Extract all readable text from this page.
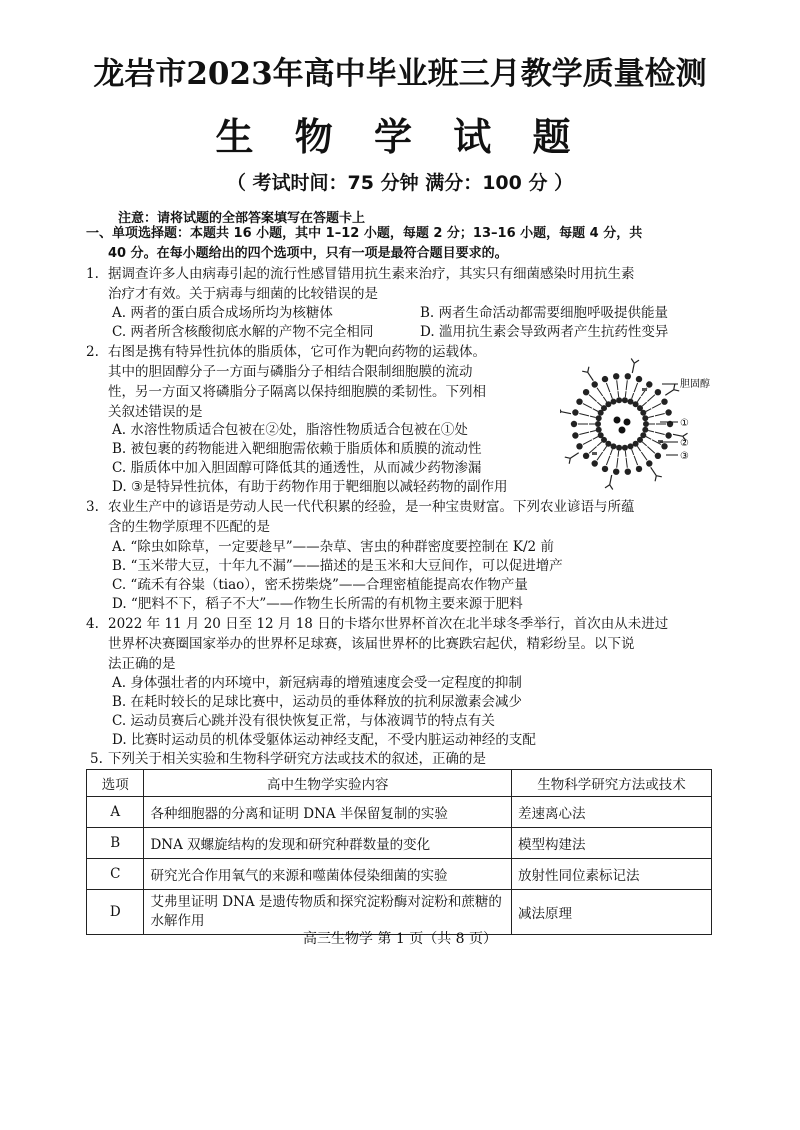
龙岩市2023年高中毕业班三月教学质量检测
生 物 学 试 题
（ 考试时间：75 分钟 满分：100 分 ）
注意：请将试题的全部答案填写在答题卡上
一、单项选择题：本题共 16 小题，其中 1–12 小题，每题 2 分；13–16 小题，每题 4 分，共
40 分。在每小题给出的四个选项中，只有一项是最符合题目要求的。
1. 据调查许多人由病毒引起的流行性感冒错用抗生素来治疗，其实只有细菌感染时用抗生素
治疗才有效。关于病毒与细菌的比较错误的是
A. 两者的蛋白质合成场所均为核糖体	B. 两者生命活动都需要细胞呼吸提供能量
C. 两者所含核酸彻底水解的产物不完全相同	D. 滥用抗生素会导致两者产生抗药性变异
2. 右图是携有特异性抗体的脂质体，它可作为靶向药物的运载体。
其中的胆固醇分子一方面与磷脂分子相结合限制细胞膜的流动
性，另一方面又将磷脂分子隔离以保持细胞膜的柔韧性。下列相
关叙述错误的是
A. 水溶性物质适合包被在②处，脂溶性物质适合包被在①处
B. 被包裹的药物能进入靶细胞需依赖于脂质体和质膜的流动性
C. 脂质体中加入胆固醇可降低其的通透性，从而减少药物渗漏
D. ③是特异性抗体，有助于药物作用于靶细胞以减轻药物的副作用
胆固醇
①
②
③
3. 农业生产中的谚语是劳动人民一代代积累的经验，是一种宝贵财富。下列农业谚语与所蕴
含的生物学原理不匹配的是
A. “除虫如除草，一定要趁早”——杂草、害虫的种群密度要控制在 K/2 前
B. “玉米带大豆，十年九不漏”——描述的是玉米和大豆间作，可以促进增产
C. “疏禾有谷粜（tiao），密禾捞柴烧”——合理密植能提高农作物产量
D. “肥料不下，稻子不大”——作物生长所需的有机物主要来源于肥料
4. 2022 年 11 月 20 日至 12 月 18 日的卡塔尔世界杯首次在北半球冬季举行，首次由从未进过
世界杯决赛圈国家举办的世界杯足球赛，该届世界杯的比赛跌宕起伏，精彩纷呈。以下说
法正确的是
A. 身体强壮者的内环境中，新冠病毒的增殖速度会受一定程度的抑制
B. 在耗时较长的足球比赛中，运动员的垂体释放的抗利尿激素会减少
C. 运动员赛后心跳并没有很快恢复正常，与体液调节的特点有关
D. 比赛时运动员的机体受躯体运动神经支配，不受内脏运动神经的支配
5. 下列关于相关实验和生物科学研究方法或技术的叙述，正确的是
选项	高中生物学实验内容	生物科学研究方法或技术
A	各种细胞器的分离和证明 DNA 半保留复制的实验	差速离心法
B	DNA 双螺旋结构的发现和研究种群数量的变化	模型构建法
C	研究光合作用氧气的来源和噬菌体侵染细菌的实验	放射性同位素标记法
D	艾弗里证明 DNA 是遗传物质和探究淀粉酶对淀粉和蔗糖的水解作用	减法原理
高三生物学 第 1 页（共 8 页）
